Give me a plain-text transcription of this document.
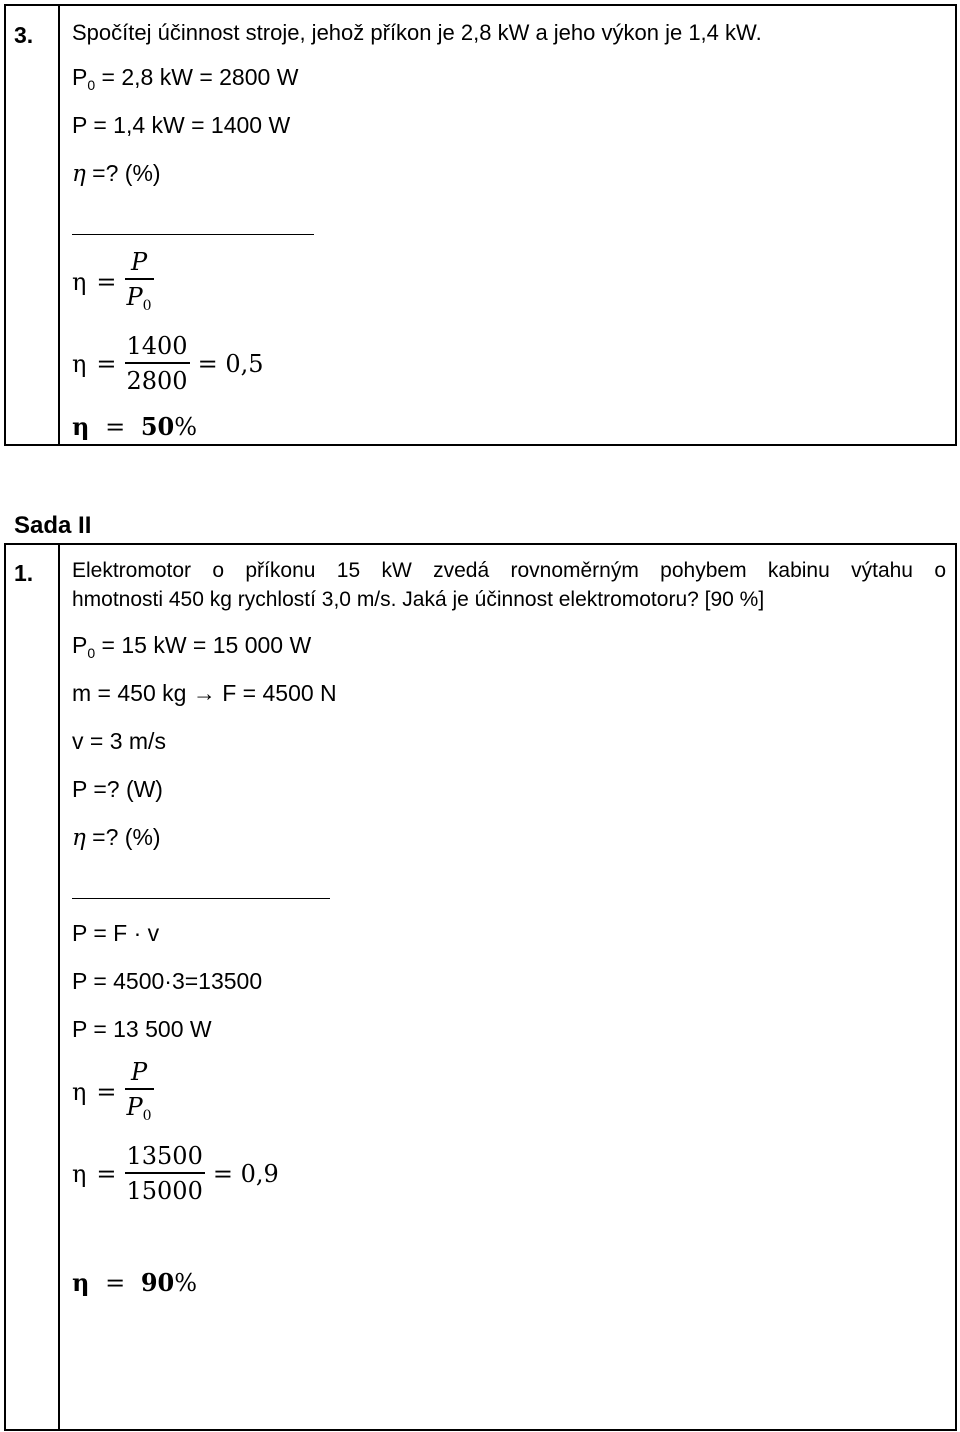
3. Spočítej účinnost stroje, jehož příkon je 2,8 kW a jeho výkon je 1,4 kW.
$P_0 = 2,8$ kW = 2800 W
P = 1,4 kW = 1400 W
η =? (%)
$\eta = \frac{P}{P_0}$
$\eta = \frac{1400}{2800} = 0,5$
η = 50%
Sada II
1. Elektromotor o příkonu 15 kW zvedá rovnoměrným pohybem kabinu výtahu o
hmotnosti 450 kg rychlostí 3,0 m/s. Jaká je účinnost elektromotoru? [90 %]
$P_0 = 15$ kW = 15 000 W
m = 450 kg → F = 4500 N
v = 3 m/s
P =? (W)
η =? (%)
P = F · v
P = 4500·3=13500
P = 13 500 W
$\eta = \frac{P}{P_0}$
$\eta = \frac{13500}{15000} = 0,9$
η = 90%
